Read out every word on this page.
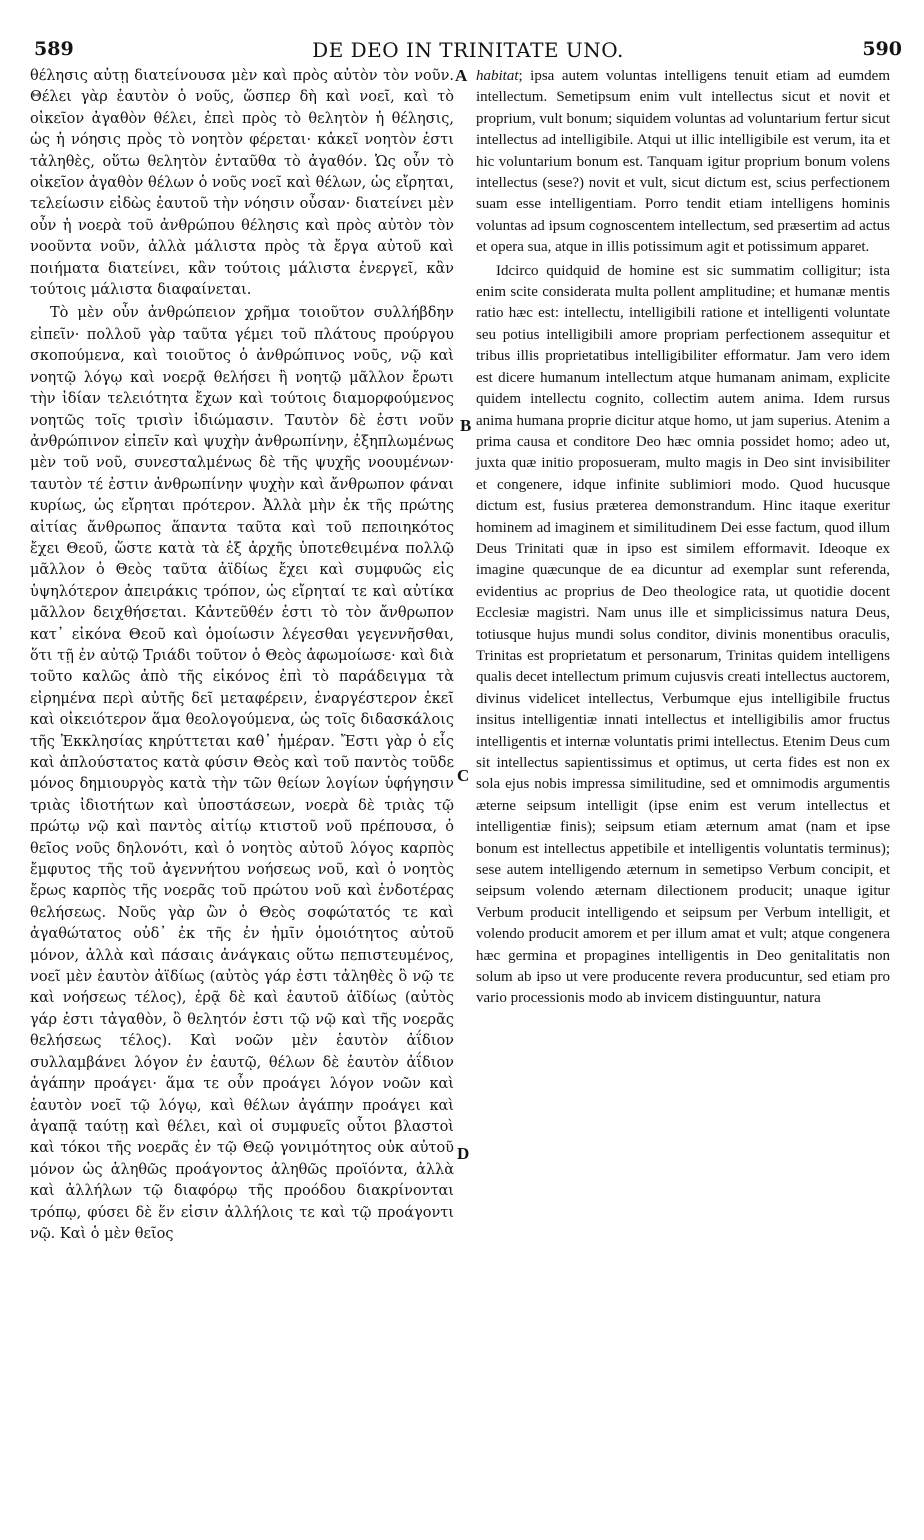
589	DE DEO IN TRINITATE UNO.	590

θέλησις αὐτῃ διατείνουσα μὲν καὶ πρὸς αὐτὸν τὸν νοῦν. Θέλει γὰρ ἑαυτὸν ὁ νοῦς, ὥσπερ δὴ καὶ νοεῖ, καὶ τὸ οἰκεῖον ἀγαθὸν θέλει, ἐπεὶ πρὸς τὸ θελητὸν ἡ θέλησις, ὡς ἡ νόησις πρὸς τὸ νοητὸν φέρεται· κἀκεῖ νοητὸν ἐστι τἀληθὲς, οὕτω θελητὸν ἐνταῦθα τὸ ἀγαθόν. Ὡς οὖν τὸ οἰκεῖον ἀγαθὸν θέλων ὁ νοῦς νοεῖ καὶ θέλων, ὡς εἴρηται, τελείωσιν εἰδὼς ἑαυτοῦ τὴν νόησιν οὖσαν· διατείνει μὲν οὖν ἡ νοερὰ τοῦ ἀνθρώπου θέλησις καὶ πρὸς αὐτὸν τὸν νοοῦντα νοῦν, ἀλλὰ μάλιστα πρὸς τὰ ἔργα αὐτοῦ καὶ ποιήματα διατείνει, κἂν τούτοις μάλιστα ἐνεργεῖ, κἂν τούτοις μάλιστα διαφαίνεται.

Τὸ μὲν οὖν ἀνθρώπειον χρῆμα τοιοῦτον συλλήβδην εἰπεῖν· πολλοῦ γὰρ ταῦτα γέμει τοῦ πλάτους προύργου σκοπούμενα, καὶ τοιοῦτος ὁ ἀνθρώπινος νοῦς, νῷ καὶ νοητῷ λόγῳ καὶ νοερᾷ θελήσει ἢ νοητῷ μᾶλλον ἔρωτι τὴν ἰδίαν τελειότητα ἔχων καὶ τούτοις διαμορφούμενος νοητῶς τοῖς τρισὶν ἰδιώμασιν. Ταυτὸν δὲ ἐστι νοῦν ἀνθρώπινον εἰπεῖν καὶ ψυχὴν ἀνθρωπίνην, ἐξηπλωμένως μὲν τοῦ νοῦ, συνεσταλμένως δὲ τῆς ψυχῆς νοουμένων· ταυτὸν τέ ἐστιν ἀνθρωπίνην ψυχὴν καὶ ἄνθρωπον φάναι κυρίως, ὡς εἴρηται πρότερον. Ἀλλὰ μὴν ἐκ τῆς πρώτης αἰτίας ἄνθρωπος ἅπαντα ταῦτα καὶ τοῦ πεποιηκότος ἔχει Θεοῦ, ὥστε κατὰ τὰ ἐξ ἀρχῆς ὑποτεθειμένα πολλῷ μᾶλλον ὁ Θεὸς ταῦτα ἀϊδίως ἔχει καὶ συμφυῶς εἰς ὑψηλότερον ἀπειράκις τρόπον, ὡς εἴρηταί τε καὶ αὐτίκα μᾶλλον δειχθήσεται. Κἀντεῦθέν ἐστι τὸ τὸν ἄνθρωπον κατ᾽ εἰκόνα Θεοῦ καὶ ὁμοίωσιν λέγεσθαι γεγεννῆσθαι, ὅτι τῇ ἐν αὐτῷ Τριάδι τοῦτον ὁ Θεὸς ἀφωμοίωσε· καὶ διὰ τοῦτο καλῶς ἀπὸ τῆς εἰκόνος ἐπὶ τὸ παράδειγμα τὰ εἰρημένα περὶ αὐτῆς δεῖ μεταφέρειν, ἐναργέστερον ἐκεῖ καὶ οἰκειότερον ἅμα θεολογούμενα, ὡς τοῖς διδασκάλοις τῆς Ἐκκλησίας κηρύττεται καθ᾽ ἡμέραν. Ἔστι γὰρ ὁ εἷς καὶ ἁπλούστατος κατὰ φύσιν Θεὸς καὶ τοῦ παντὸς τοῦδε μόνος δημιουργὸς κατὰ τὴν τῶν θείων λογίων ὑφήγησιν τριὰς ἰδιοτήτων καὶ ὑποστάσεων, νοερὰ δὲ τριὰς τῷ πρώτῳ νῷ καὶ παντὸς αἰτίῳ κτιστοῦ νοῦ πρέπουσα, ὁ θεῖος νοῦς δηλονότι, καὶ ὁ νοητὸς αὐτοῦ λόγος καρπὸς ἔμφυτος τῆς τοῦ ἀγεννήτου νοήσεως νοῦ, καὶ ὁ νοητὸς ἔρως καρπὸς τῆς νοερᾶς τοῦ πρώτου νοῦ καὶ ἐνδοτέρας θελήσεως. Νοῦς γὰρ ὢν ὁ Θεὸς σοφώτατός τε καὶ ἀγαθώτατος οὐδ᾽ ἐκ τῆς ἐν ἡμῖν ὁμοιότητος αὐτοῦ μόνον, ἀλλὰ καὶ πάσαις ἀνάγκαις οὕτω πεπιστευμένος, νοεῖ μὲν ἑαυτὸν ἀϊδίως (αὐτὸς γάρ ἐστι τἀληθὲς ὃ νῷ τε καὶ νοήσεως τέλος), ἐρᾷ δὲ καὶ ἑαυτοῦ ἀϊδίως (αὐτὸς γάρ ἐστι τἀγαθὸν, ὃ θελητόν ἐστι τῷ νῷ καὶ τῆς νοερᾶς θελήσεως τέλος). Καὶ νοῶν μὲν ἑαυτὸν ἀΐδιον συλλαμβάνει λόγον ἐν ἑαυτῷ, θέλων δὲ ἑαυτὸν ἀΐδιον ἀγάπην προάγει· ἅμα τε οὖν προάγει λόγον νοῶν καὶ ἑαυτὸν νοεῖ τῷ λόγῳ, καὶ θέλων ἀγάπην προάγει καὶ ἀγαπᾷ ταύτῃ καὶ θέλει, καὶ οἱ συμφυεῖς οὗτοι βλαστοὶ καὶ τόκοι τῆς νοερᾶς ἐν τῷ Θεῷ γονιμότητος οὐκ αὐτοῦ μόνον ὡς ἀληθῶς προάγοντος ἀληθῶς προϊόντα, ἀλλὰ καὶ ἀλλήλων τῷ διαφόρῳ τῆς προόδου διακρίνονται τρόπῳ, φύσει δὲ ἕν εἰσιν ἀλλήλοις τε καὶ τῷ προάγοντι νῷ. Καὶ ὁ μὲν θεῖος

A
B
C
D

habitat; ipsa autem voluntas intelligens tenuit etiam ad eumdem intellectum. Semetipsum enim vult intellectus sicut et novit et proprium, vult bonum; siquidem voluntas ad voluntarium fertur sicut intellectus ad intelligibile. Atqui ut illic intelligibile est verum, ita et hic voluntarium bonum est. Tanquam igitur proprium bonum volens intellectus (sese?) novit et vult, sicut dictum est, scius perfectionem suam esse intelligentiam. Porro tendit etiam intelligens hominis voluntas ad ipsum cognoscentem intellectum, sed præsertim ad actus et opera sua, atque in illis potissimum agit et potissimum apparet.

Idcirco quidquid de homine est sic summatim colligitur; ista enim scite considerata multa pollent amplitudine; et humanæ mentis ratio hæc est: intellectu, intelligibili ratione et intelligenti voluntate seu potius intelligibili amore propriam perfectionem assequitur et tribus illis proprietatibus intelligibiliter efformatur. Jam vero idem est dicere humanum intellectum atque humanam animam, explicite quidem intellectu cognito, collectim autem anima. Idem rursus anima humana proprie dicitur atque homo, ut jam superius. Atenim a prima causa et conditore Deo hæc omnia possidet homo; adeo ut, juxta quæ initio proposueram, multo magis in Deo sint invisibiliter et congenere, idque infinite sublimiori modo. Quod hucusque dictum est, fusius præterea demonstrandum. Hinc itaque exeritur hominem ad imaginem et similitudinem Dei esse factum, quod illum Deus Trinitati quæ in ipso est similem efformavit. Ideoque ex imagine quæcunque de ea dicuntur ad exemplar sunt referenda, evidentius ac proprius de Deo theologice rata, ut quotidie docent Ecclesiæ magistri. Nam unus ille et simplicissimus natura Deus, totiusque hujus mundi solus conditor, divinis monentibus oraculis, Trinitas est proprietatum et personarum, Trinitas quidem intelligens qualis decet intellectum primum cujusvis creati intellectus auctorem, divinus videlicet intellectus, Verbumque ejus intelligibile fructus insitus intelligentiæ innati intellectus et intelligibilis amor fructus intelligentis et internæ voluntatis primi intellectus. Etenim Deus cum sit intellectus sapientissimus et optimus, ut certa fides est non ex sola ejus nobis impressa similitudine, sed et omnimodis argumentis æterne seipsum intelligit (ipse enim est verum intellectus et intelligentiæ finis); seipsum etiam æternum amat (nam et ipse bonum est intellectus appetibile et intelligentis voluntatis terminus); sese autem intelligendo æternum in semetipso Verbum concipit, et seipsum volendo æternam dilectionem producit; unaque igitur Verbum producit intelligendo et seipsum per Verbum intelligit, et volendo producit amorem et per illum amat et vult; atque congenera hæc germina et propagines intelligentis in Deo genitalitatis non solum ab ipso ut vere producente revera producuntur, sed etiam pro vario processionis modo ab invicem distinguuntur, natura
